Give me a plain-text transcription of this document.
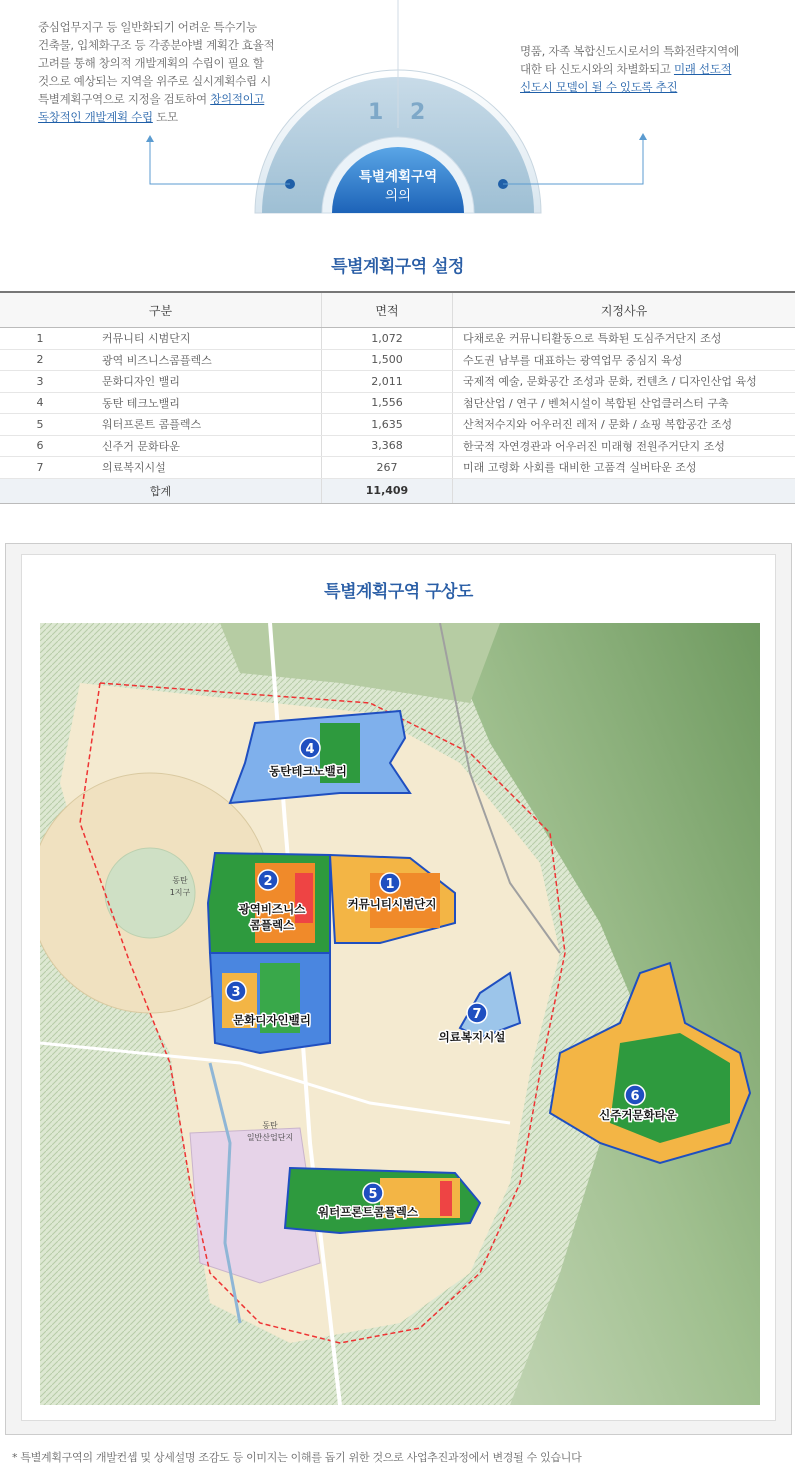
중심업무지구 등 일반화되기 어려운 특수기능
건축물, 입체화구조 등 각종분야별 계획간 효율적
고려를 통해 창의적 개발계획의 수립이 필요 할
것으로 예상되는 지역을 위주로 실시계획수립 시
특별계획구역으로 지정을 검토하여 창의적이고
독창적인 개발계획 수립 도모
명품, 자족 복합신도시로서의 특화전략지역에
대한 타 신도시와의 차별화되고 미래 선도적
신도시 모델이 될 수 있도록 추진
1 2
특별계획구역
의의
특별계획구역 설정
구분		면적	지정사유
1	커뮤니티 시범단지	1,072	다채로운 커뮤니티활동으로 특화된 도심주거단지 조성
2	광역 비즈니스콤플렉스	1,500	수도권 남부를 대표하는 광역업무 중심지 육성
3	문화디자인 밸리	2,011	국제적 예술, 문화공간 조성과 문화, 컨텐츠 / 디자인산업 육성
4	동탄 테크노밸리	1,556	첨단산업 / 연구 / 벤처시설이 복합된 산업클러스터 구축
5	워터프론트 콤플렉스	1,635	산척저수지와 어우러진 레저 / 문화 / 쇼핑 복합공간 조성
6	신주거 문화타운	3,368	한국적 자연경관과 어우러진 미래형 전원주거단지 조성
7	의료복지시설	267	미래 고령화 사회를 대비한 고품격 실버타운 조성
합계		11,409	
특별계획구역 구상도
4
동탄테크노밸리
2
광역비즈니스
콤플렉스
1
커뮤니티시범단지
3
문화디자인밸리	7
의료복지시설
6
신주거문화타운
5
워터프론트콤플렉스
동탄
1지구
동탄
일반산업단지
* 특별계획구역의 개발컨셉 및 상세설명 조감도 등 이미지는 이해를 돕기 위한 것으로 사업추진과정에서 변경될 수 있습니다
